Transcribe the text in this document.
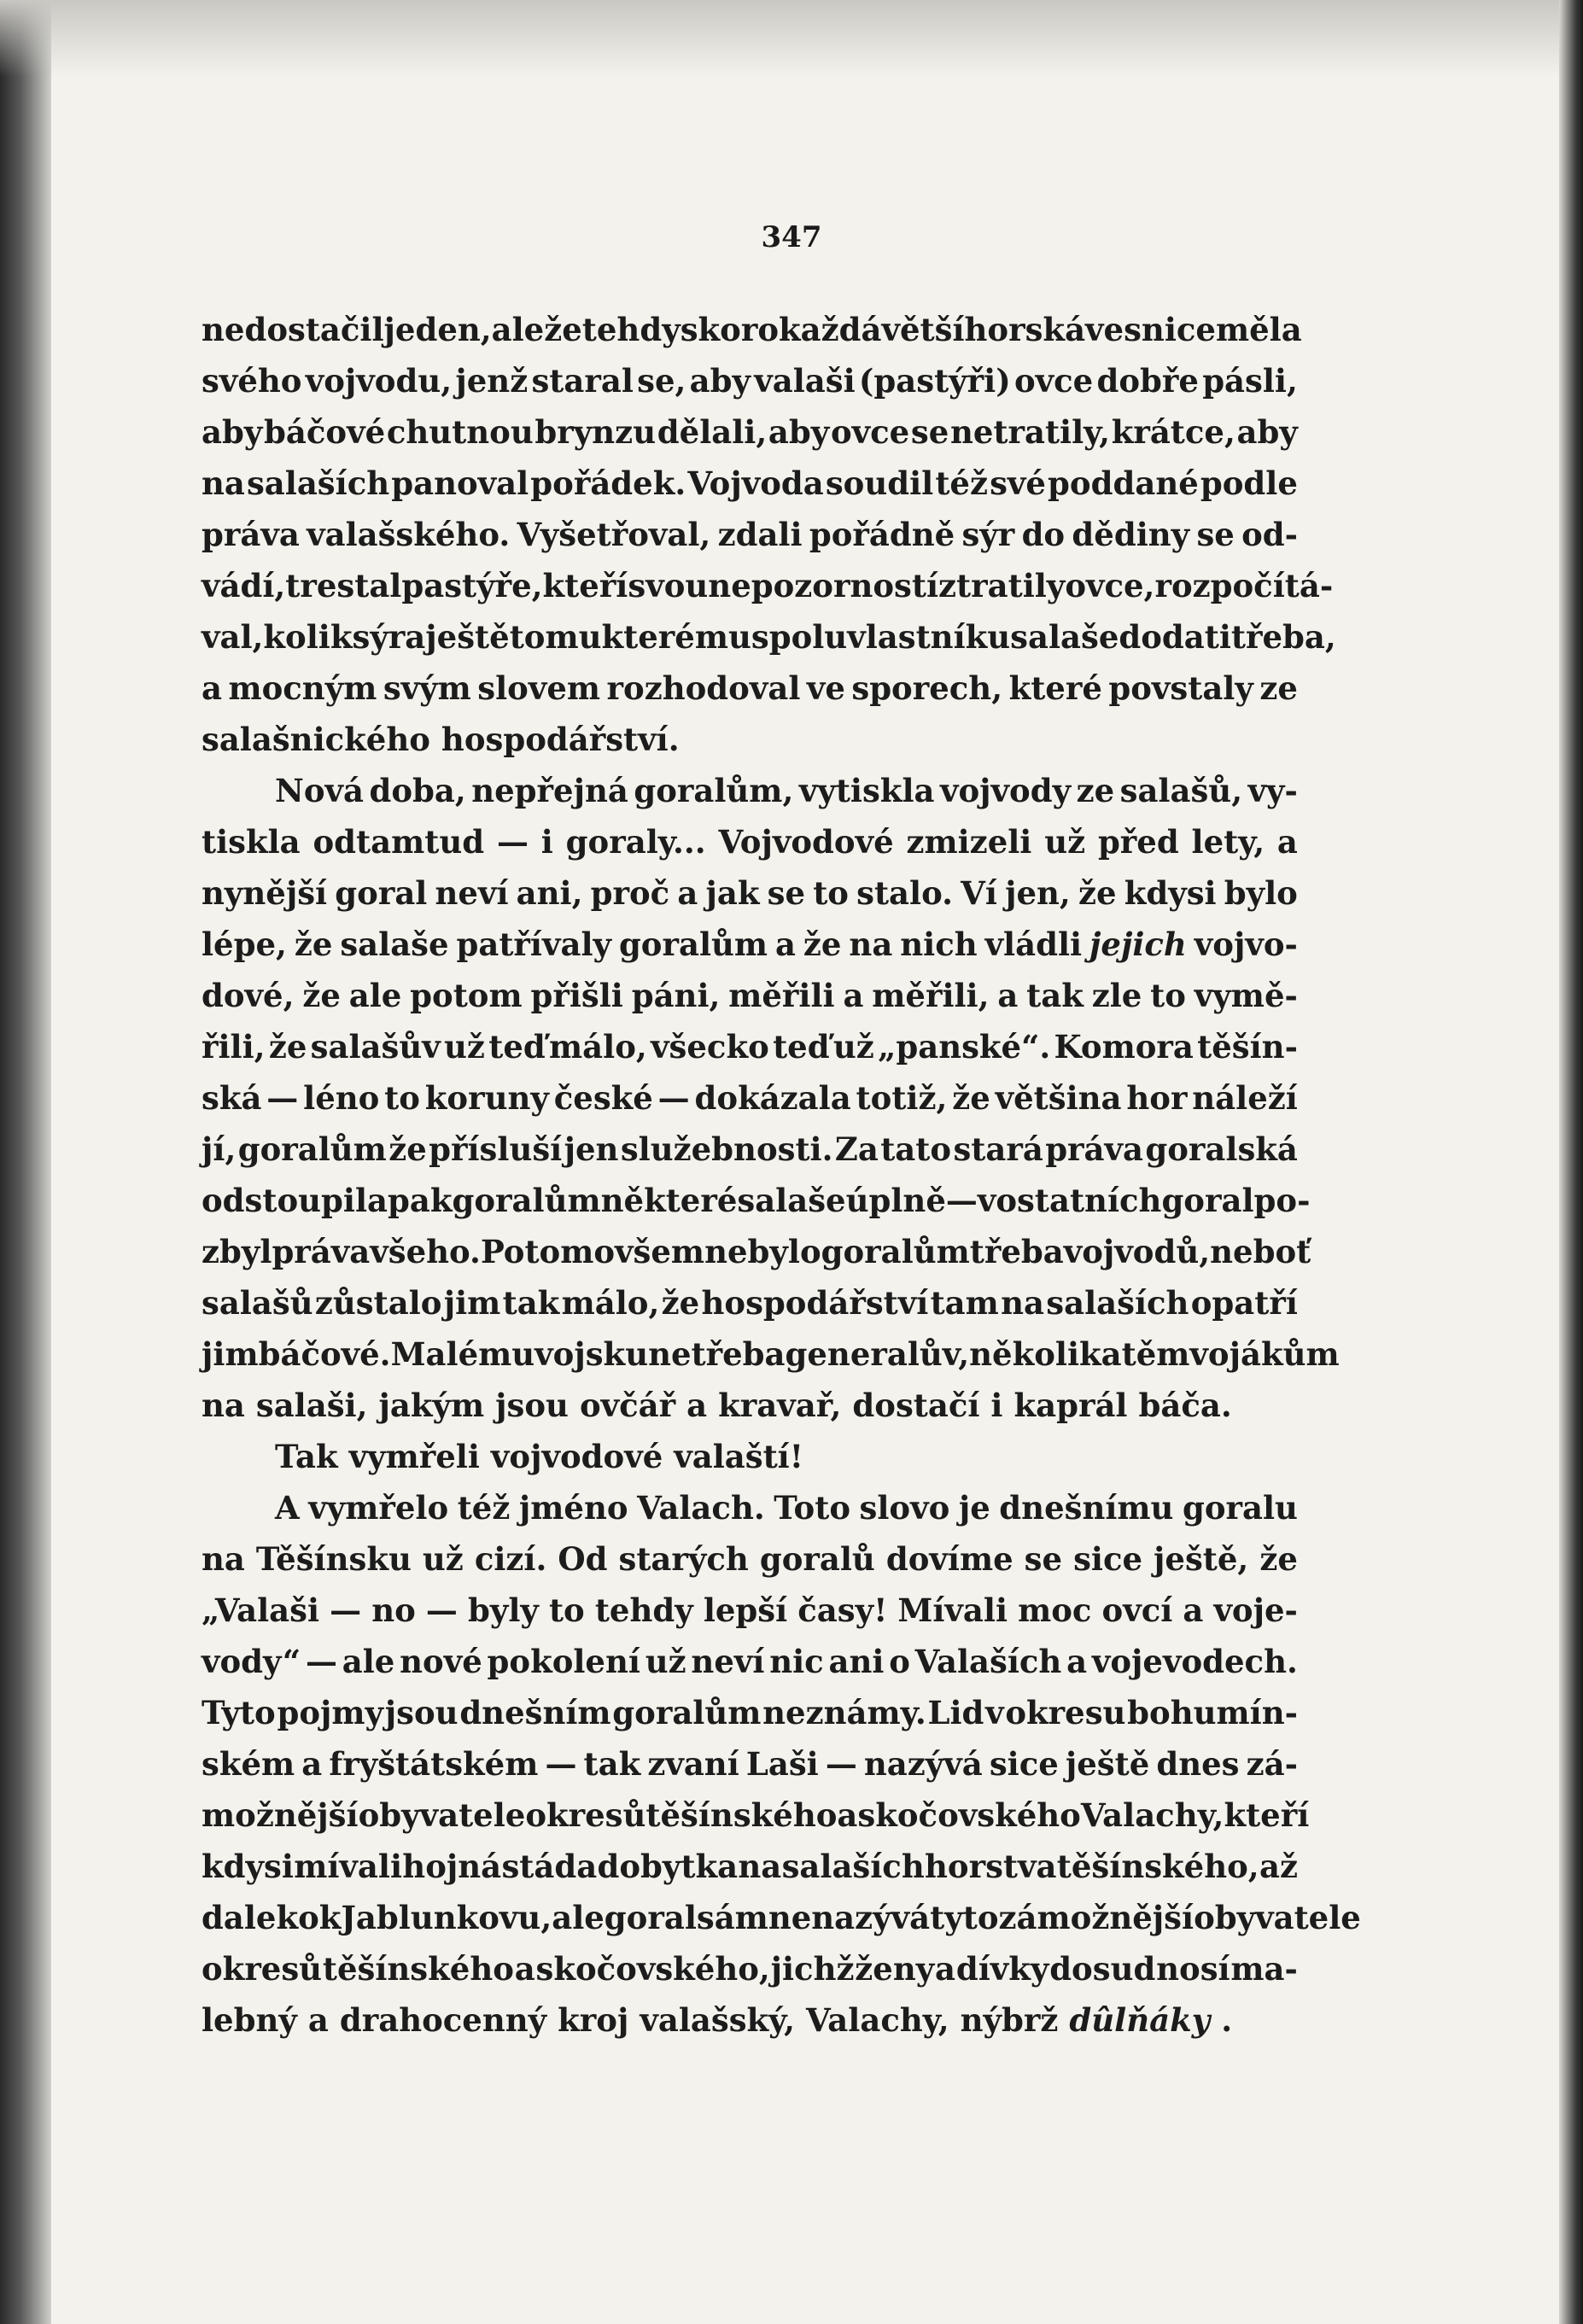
347
nedostačil jeden, ale že tehdy skoro každá větší horská vesnice měla
svého vojvodu, jenž staral se, aby valaši (pastýři) ovce dobře pásli,
aby báčové chutnou brynzu dělali, aby ovce se netratily, krátce, aby
na salaších panoval pořádek. Vojvoda soudil též své poddané podle
práva valašského. Vyšetřoval, zdali pořádně sýr do dědiny se od-
vádí, trestal pastýře, kteří svou nepozorností ztratily ovce, rozpočítá-
val, kolik sýra ještě tomu kterému spoluvlastníku salaše dodati třeba,
a mocným svým slovem rozhodoval ve sporech, které povstaly ze
salašnického hospodářství.
Nová doba, nepřejná goralům, vytiskla vojvody ze salašů, vy-
tiskla odtamtud — i goraly... Vojvodové zmizeli už před lety, a
nynější goral neví ani, proč a jak se to stalo. Ví jen, že kdysi bylo
lépe, že salaše patřívaly goralům a že na nich vládli jejich vojvo-
dové, že ale potom přišli páni, měřili a měřili, a tak zle to vymě-
řili, že salašův už teď málo, všecko teď už „panské“. Komora těšín-
ská — léno to koruny české — dokázala totiž, že většina hor náleží
jí, goralům že přísluší jen služebnosti. Za tato stará práva goralská
odstoupila pak goralům některé salaše úplně — v ostatních goral po-
zbyl práva všeho. Potom ovšem nebylo goralům třeba vojvodů, neboť
salašů zůstalo jim tak málo, že hospodářství tam na salaších opatří
jim báčové. Malému vojsku netřeba generalův, několika těm vojákům
na salaši, jakým jsou ovčář a kravař, dostačí i kaprál báča.
Tak vymřeli vojvodové valaští!
A vymřelo též jméno Valach. Toto slovo je dnešnímu goralu
na Těšínsku už cizí. Od starých goralů dovíme se sice ještě, že
„Valaši — no — byly to tehdy lepší časy! Mívali moc ovcí a voje-
vody“ — ale nové pokolení už neví nic ani o Valaších a vojevodech.
Tyto pojmy jsou dnešním goralům neznámy. Lid v okresu bohumín-
ském a fryštátském — tak zvaní Laši — nazývá sice ještě dnes zá-
možnější obyvatele okresů těšínského a skočovského Valachy, kteří
kdysi mívali hojná stáda dobytka na salaších horstva těšínského, až
daleko k Jablunkovu, ale goral sám nenazývá tyto zámožnější obyvatele
okresů těšínského a skočovského, jichž ženy a dívky dosud nosí ma-
lebný a drahocenný kroj valašský, Valachy, nýbrž dûlňáky .
